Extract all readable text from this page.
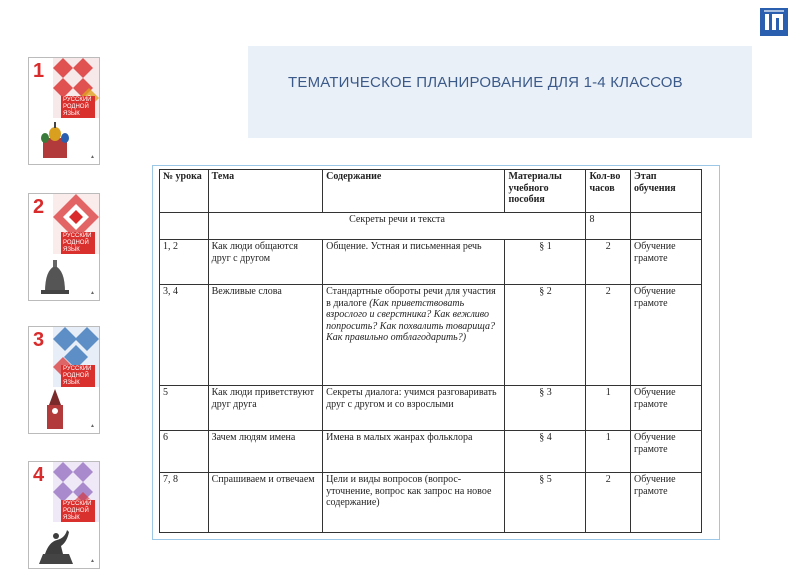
ТЕМАТИЧЕСКОЕ ПЛАНИРОВАНИЕ ДЛЯ 1-4 КЛАССОВ
1
РУССКИЙ РОДНОЙ ЯЗЫК
▲
2
РУССКИЙ РОДНОЙ ЯЗЫК
▲
3
РУССКИЙ РОДНОЙ ЯЗЫК
▲
4
РУССКИЙ РОДНОЙ ЯЗЫК
▲
№ урока	Тема	Содержание	Материалы учебного пособия	Кол-во часов	Этап обучения
	Секреты речи и текста			8	
1, 2	Как люди общаются друг с другом	Общение. Устная и письменная речь	§ 1	2	Обучение грамоте
3, 4	Вежливые слова	Стандартные обороты речи для участия в диалоге (Как приветствовать взрослого и сверстника? Как вежливо попросить? Как похвалить товарища? Как правильно отблагодарить?)	§ 2	2	Обучение грамоте
5	Как люди приветствуют друг друга	Секреты диалога: учимся разговаривать друг с другом и со взрослыми	§ 3	1	Обучение грамоте
6	Зачем людям имена	Имена в малых жанрах фольклора	§ 4	1	Обучение грамоте
7, 8	Спрашиваем и отвечаем	Цели и виды вопросов (вопрос-уточнение, вопрос как запрос на новое содержание)	§ 5	2	Обучение грамоте
